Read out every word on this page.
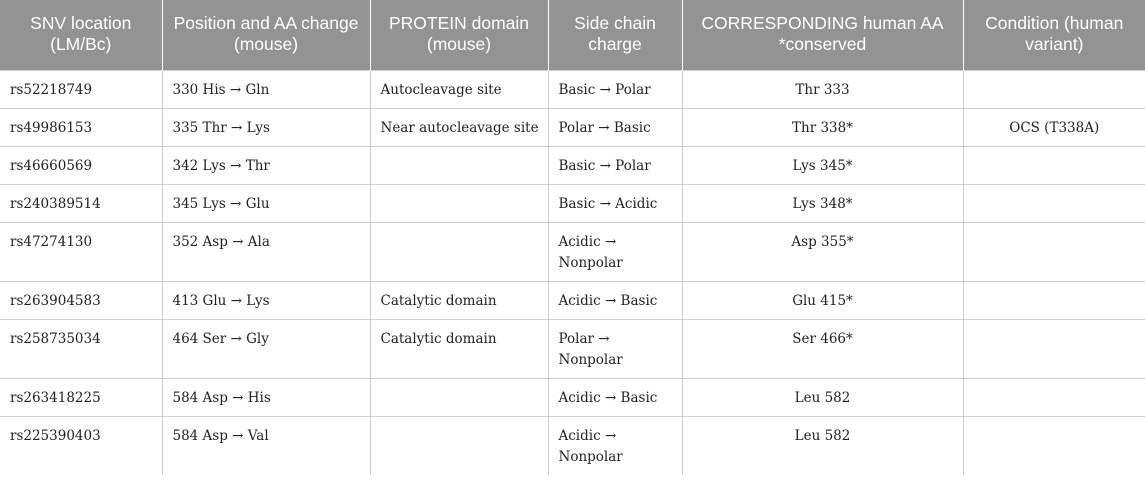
SNV location (LM/Bc)	Position and AA change (mouse)	PROTEIN domain (mouse)	Side chain charge	CORRESPONDING human AA *conserved	Condition (human variant)
rs52218749	330 His → Gln	Autocleavage site	Basic → Polar	Thr 333	
rs49986153	335 Thr → Lys	Near autocleavage site	Polar → Basic	Thr 338*	OCS (T338A)
rs46660569	342 Lys → Thr		Basic → Polar	Lys 345*	
rs240389514	345 Lys → Glu		Basic → Acidic	Lys 348*	
rs47274130	352 Asp → Ala		Acidic → Nonpolar	Asp 355*	
rs263904583	413 Glu → Lys	Catalytic domain	Acidic → Basic	Glu 415*	
rs258735034	464 Ser → Gly	Catalytic domain	Polar → Nonpolar	Ser 466*	
rs263418225	584 Asp → His		Acidic → Basic	Leu 582	
rs225390403	584 Asp → Val		Acidic → Nonpolar	Leu 582	
